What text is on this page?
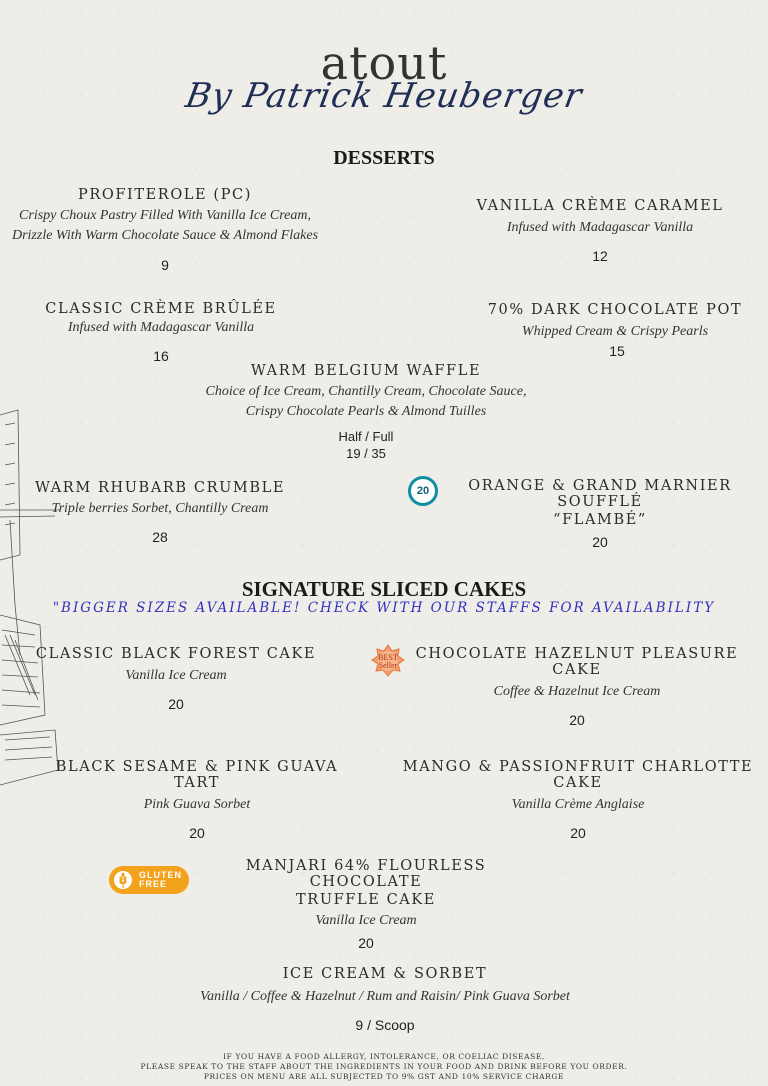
atout
By Patrick Heuberger
DESSERTS
PROFITEROLE (PC)
Crispy Choux Pastry Filled With Vanilla Ice Cream,
Drizzle With Warm Chocolate Sauce & Almond Flakes
9
VANILLA CRÈME CARAMEL
Infused with Madagascar Vanilla
12
CLASSIC CRÈME BRÛLÉE
Infused with Madagascar Vanilla
16
70% DARK CHOCOLATE POT
Whipped Cream & Crispy Pearls
15
WARM BELGIUM WAFFLE
Choice of Ice Cream, Chantilly Cream, Chocolate Sauce,
Crispy Chocolate Pearls & Almond Tuilles
Half / Full
19 / 35
WARM RHUBARB CRUMBLE
Triple berries Sorbet, Chantilly Cream
28
20	ORANGE & GRAND MARNIER SOUFFLÉ
“FLAMBÉ”
20
SIGNATURE SLICED CAKES
"BIGGER SIZES AVAILABLE! CHECK WITH OUR STAFFS FOR AVAILABILITY
CLASSIC BLACK FOREST CAKE
Vanilla Ice Cream
20
BEST
Seller
CHOCOLATE HAZELNUT PLEASURE CAKE
Coffee & Hazelnut Ice Cream
20
BLACK SESAME & PINK GUAVA TART
Pink Guava Sorbet
20
MANGO & PASSIONFRUIT CHARLOTTE CAKE
Vanilla Crème Anglaise
20
GLUTEN
FREE
MANJARI 64% FLOURLESS CHOCOLATE
TRUFFLE CAKE
Vanilla Ice Cream
20
ICE CREAM & SORBET
Vanilla / Coffee & Hazelnut / Rum and Raisin/ Pink Guava Sorbet
9 / Scoop
IF YOU HAVE A FOOD ALLERGY, INTOLERANCE, OR COELIAC DISEASE,
PLEASE SPEAK TO THE STAFF ABOUT THE INGREDIENTS IN YOUR FOOD AND DRINK BEFORE YOU ORDER.
PRICES ON MENU ARE ALL SUBJECTED TO 9% GST AND 10% SERVICE CHARGE
